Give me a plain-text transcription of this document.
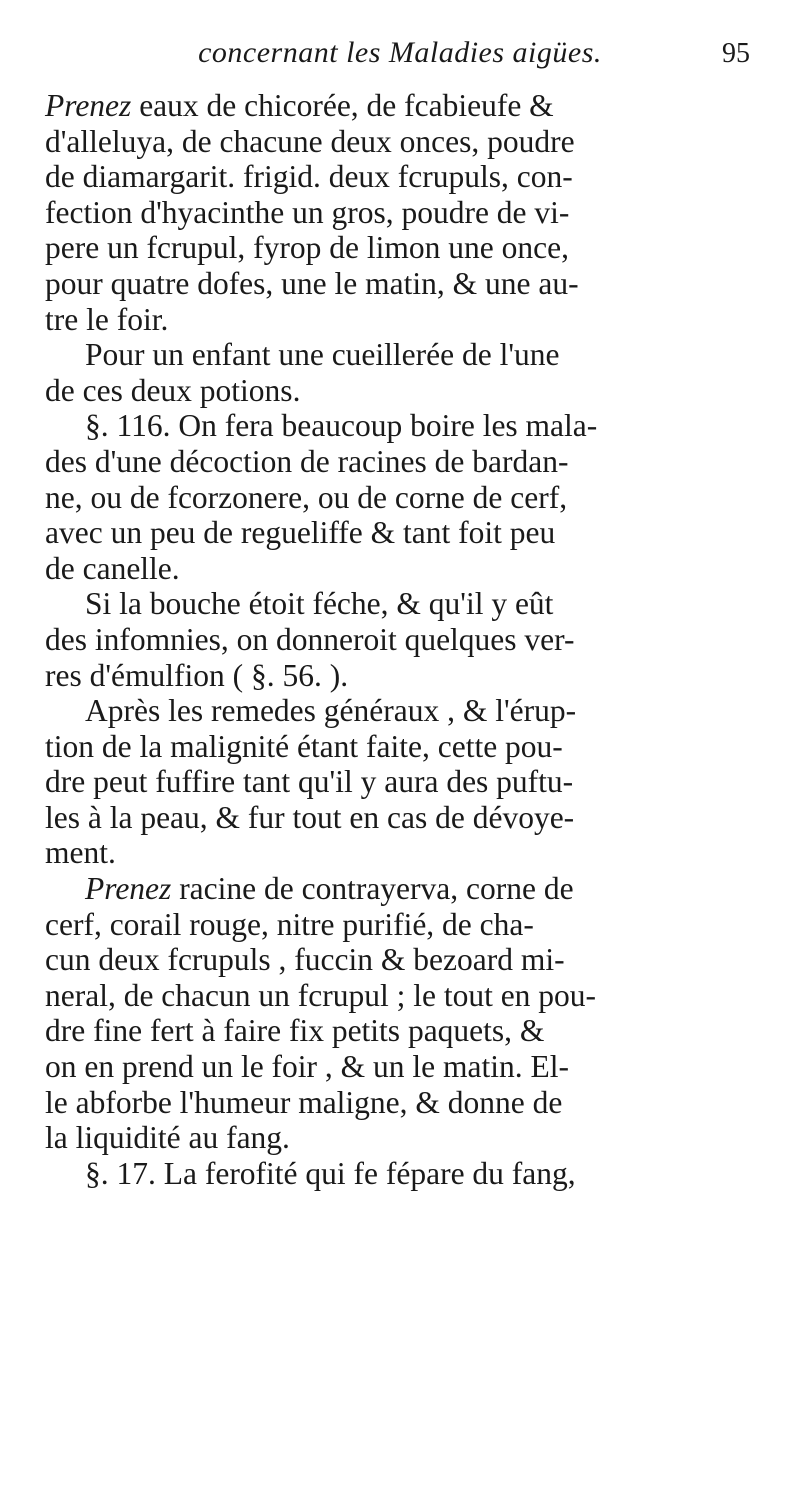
concernant les Maladies aigües.	95
Prenez eaux de chicorée, de fcabieufe &
d'alleluya, de chacune deux onces, poudre
de diamargarit. frigid. deux fcrupuls, con-
fection d'hyacinthe un gros, poudre de vi-
pere un fcrupul, fyrop de limon une once,
pour quatre dofes, une le matin, & une au-
tre le foir.
Pour un enfant une cueillerée de l'une
de ces deux potions.
§. 116. On fera beaucoup boire les mala-
des d'une décoction de racines de bardan-
ne, ou de fcorzonere, ou de corne de cerf,
avec un peu de regueliffe & tant foit peu
de canelle.
Si la bouche étoit féche, & qu'il y eût
des infomnies, on donneroit quelques ver-
res d'émulfion ( §. 56. ).
Après les remedes généraux , & l'érup-
tion de la malignité étant faite, cette pou-
dre peut fuffire tant qu'il y aura des puftu-
les à la peau, & fur tout en cas de dévoye-
ment.
Prenez racine de contrayerva, corne de
cerf, corail rouge, nitre purifié, de cha-
cun deux fcrupuls , fuccin & bezoard mi-
neral, de chacun un fcrupul ; le tout en pou-
dre fine fert à faire fix petits paquets, &
on en prend un le foir , & un le matin. El-
le abforbe l'humeur maligne, & donne de
la liquidité au fang.
§. 17. La ferofité qui fe fépare du fang,
